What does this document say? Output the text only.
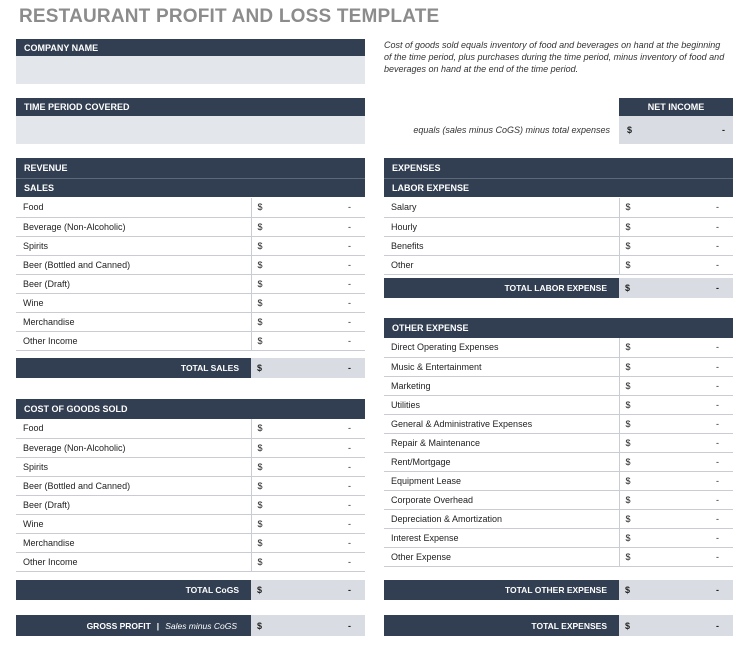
RESTAURANT PROFIT AND LOSS TEMPLATE
COMPANY NAME
TIME PERIOD COVERED
Cost of goods sold equals inventory of food and beverages on hand at the beginning of the time period, plus purchases during the time period, minus inventory of food and beverages on hand at the end of the time period.
NET INCOME
equals (sales minus CoGS) minus total expenses $	-
REVENUE
SALES
Food	$	-
Beverage (Non-Alcoholic)	$	-
Spirits	$	-
Beer (Bottled and Canned)	$	-
Beer (Draft)	$	-
Wine	$	-
Merchandise	$	-
Other Income	$	-
TOTAL SALES	$	-
COST OF GOODS SOLD
Food	$	-
Beverage (Non-Alcoholic)	$	-
Spirits	$	-
Beer (Bottled and Canned)	$	-
Beer (Draft)	$	-
Wine	$	-
Merchandise	$	-
Other Income	$	-
TOTAL CoGS	$	-
GROSS PROFIT | Sales minus CoGS $	-
EXPENSES
LABOR EXPENSE
Salary	$	-
Hourly	$	-
Benefits	$	-
Other	$	-
TOTAL LABOR EXPENSE	$	-
OTHER EXPENSE
Direct Operating Expenses	$	-
Music & Entertainment	$	-
Marketing	$	-
Utilities	$	-
General & Administrative Expenses	$	-
Repair & Maintenance	$	-
Rent/Mortgage	$	-
Equipment Lease	$	-
Corporate Overhead	$	-
Depreciation & Amortization	$	-
Interest Expense	$	-
Other Expense	$	-
TOTAL OTHER EXPENSE	$	-
TOTAL EXPENSES	$	-
